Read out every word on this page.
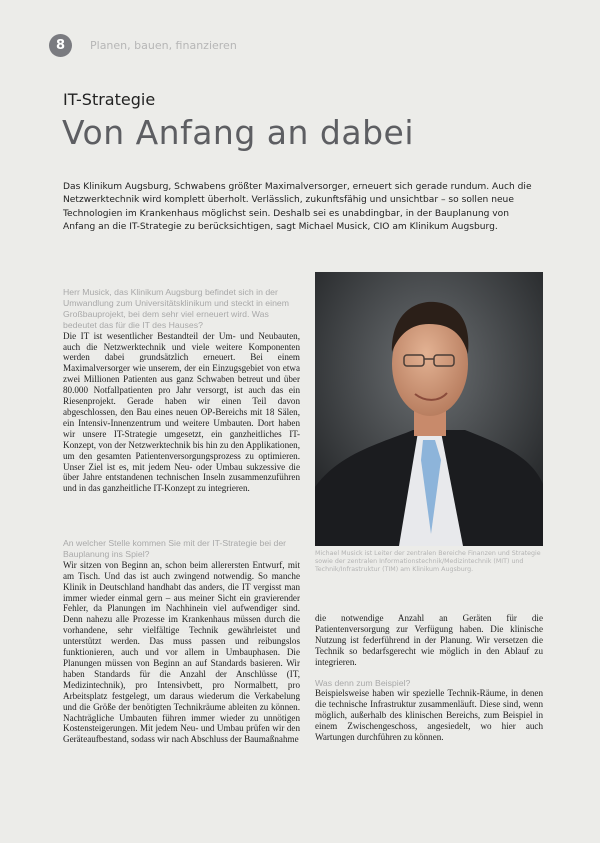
8 Planen, bauen, finanzieren
IT-Strategie
Von Anfang an dabei
Das Klinikum Augsburg, Schwabens größter Maximalversorger, erneuert sich gerade rundum. Auch die Netzwerktechnik wird komplett überholt. Verlässlich, zukunftsfähig und unsichtbar – so sollen neue Technologien im Krankenhaus möglichst sein. Deshalb sei es unabdingbar, in der Bauplanung von Anfang an die IT-Strategie zu berücksichtigen, sagt Michael Musick, CIO am Klinikum Augsburg.

Herr Musick, das Klinikum Augsburg befindet sich in der Umwandlung zum Universitätsklinikum und steckt in einem Großbauprojekt, bei dem sehr viel erneuert wird. Was bedeutet das für die IT des Hauses?

Die IT ist wesentlicher Bestandteil der Um- und Neubauten, auch die Netzwerktechnik und viele weitere Komponenten werden dabei grundsätzlich erneuert. Bei einem Maximalversorger wie unserem, der ein Einzugsgebiet von etwa zwei Millionen Patienten aus ganz Schwaben betreut und über 80.000 Notfallpatienten pro Jahr versorgt, ist auch das ein Riesenprojekt. Gerade haben wir einen Teil davon abgeschlossen, den Bau eines neuen OP-Bereichs mit 18 Sälen, ein Intensiv-Innenzentrum und weitere Umbauten. Dort haben wir unsere IT-Strategie umgesetzt, ein ganzheitliches IT-Konzept, von der Netzwerktechnik bis hin zu den Applikationen, um den gesamten Patientenversorgungsprozess zu optimieren. Unser Ziel ist es, mit jedem Neu- oder Umbau sukzessive die über Jahre entstandenen technischen Inseln zusammenzuführen und in das ganzheitliche IT-Konzept zu integrieren.

An welcher Stelle kommen Sie mit der IT-Strategie bei der Bauplanung ins Spiel?

Wir sitzen von Beginn an, schon beim allerersten Entwurf, mit am Tisch. Und das ist auch zwingend notwendig. So manche Klinik in Deutschland handhabt das anders, die IT vergisst man immer wieder einmal gern – aus meiner Sicht ein gravierender Fehler, da Planungen im Nachhinein viel aufwendiger sind. Denn nahezu alle Prozesse im Krankenhaus müssen durch die vorhandene, sehr vielfältige Technik gewährleistet und unterstützt werden. Das muss passen und reibungslos funktionieren, auch und vor allem in Umbauphasen. Die Planungen müssen von Beginn an auf Standards basieren. Wir haben Standards für die Anzahl der Anschlüsse (IT, Medizintechnik), pro Intensivbett, pro Normalbett, pro Arbeitsplatz festgelegt, um daraus wiederum die Verkabelung und die Größe der benötigten Technikräume ableiten zu können. Nachträgliche Umbauten führen immer wieder zu unnötigen Kostensteigerungen. Mit jedem Neu- und Umbau prüfen wir den Geräteaufbestand, sodass wir nach Abschluss der Baumaßnahme

Michael Musick ist Leiter der zentralen Bereiche Finanzen und Strategie sowie der zentralen Informationstechnik/Medizintechnik (MIT) und Technik/Infrastruktur (TIM) am Klinikum Augsburg.

die notwendige Anzahl an Geräten für die Patientenversorgung zur Verfügung haben. Die klinische Nutzung ist federführend in der Planung. Wir versetzen die Technik so bedarfsgerecht wie möglich in den Ablauf zu integrieren.

Was denn zum Beispiel?

Beispielsweise haben wir spezielle Technik-Räume, in denen die technische Infrastruktur zusammenläuft. Diese sind, wenn möglich, außerhalb des klinischen Bereichs, zum Beispiel in einem Zwischengeschoss, angesiedelt, wo hier auch Wartungen durchführen zu können.
